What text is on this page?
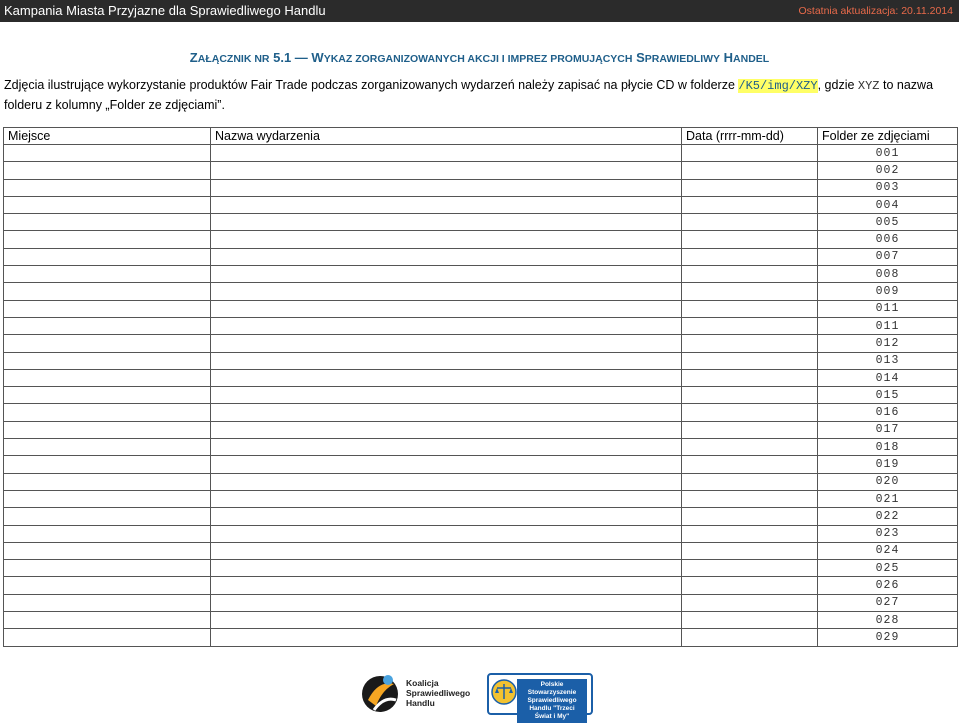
Kampania Miasta Przyjazne dla Sprawiedliwego Handlu	Ostatnia aktualizacja: 20.11.2014
ZAŁĄCZNIK NR 5.1 — WYKAZ ZORGANIZOWANYCH AKCJI I IMPREZ PROMUJĄCYCH SPRAWIEDLIWY HANDEL
Zdjęcia ilustrujące wykorzystanie produktów Fair Trade podczas zorganizowanych wydarzeń należy zapisać na płycie CD w folderze /K5/img/XZY, gdzie XYZ to nazwa folderu z kolumny „Folder ze zdjęciami”.
Miejsce	Nazwa wydarzenia	Data (rrrr-mm-dd)	Folder ze zdjęciami
			001
			002
			003
			004
			005
			006
			007
			008
			009
			011
			011
			012
			013
			014
			015
			016
			017
			018
			019
			020
			021
			022
			023
			024
			025
			026
			027
			028
			029
Koalicja Sprawiedliwego Handlu
Polskie Stowarzyszenie Sprawiedliwego Handlu "Trzeci Świat i My"
